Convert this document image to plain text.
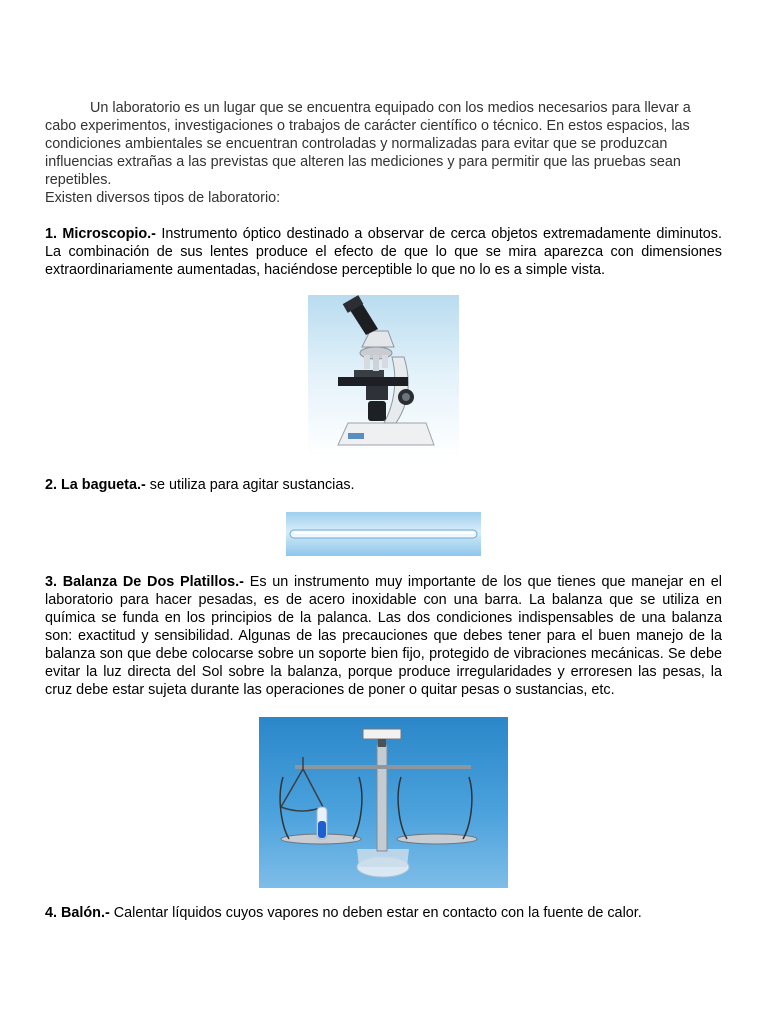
Un laboratorio es un lugar que se encuentra equipado con los medios necesarios para llevar a cabo experimentos, investigaciones o trabajos de carácter científico o técnico. En estos espacios, las condiciones ambientales se encuentran controladas y normalizadas para evitar que se produzcan influencias extrañas a las previstas que alteren las mediciones y para permitir que las pruebas sean repetibles.

Existen diversos tipos de laboratorio:

1. Microscopio.- Instrumento óptico destinado a observar de cerca objetos extremadamente diminutos. La combinación de sus lentes produce el efecto de que lo que se mira aparezca con dimensiones extraordinariamente aumentadas, haciéndose perceptible lo que no lo es a simple vista.

2. La bagueta.- se utiliza para agitar sustancias.

3. Balanza De Dos Platillos.- Es un instrumento muy importante de los que tienes que manejar en el laboratorio para hacer pesadas, es de acero inoxidable con una barra. La balanza que se utiliza en química se funda en los principios de la palanca. Las dos condiciones indispensables de una balanza son: exactitud y sensibilidad. Algunas de las precauciones que debes tener para el buen manejo de la balanza son que debe colocarse sobre un soporte bien fijo, protegido de vibraciones mecánicas. Se debe evitar la luz directa del Sol sobre la balanza, porque produce irregularidades y erroresen las pesas, la cruz debe estar sujeta durante las operaciones de poner o quitar pesas o sustancias, etc.

4. Balón.- Calentar líquidos cuyos vapores no deben estar en contacto con la fuente de calor.
